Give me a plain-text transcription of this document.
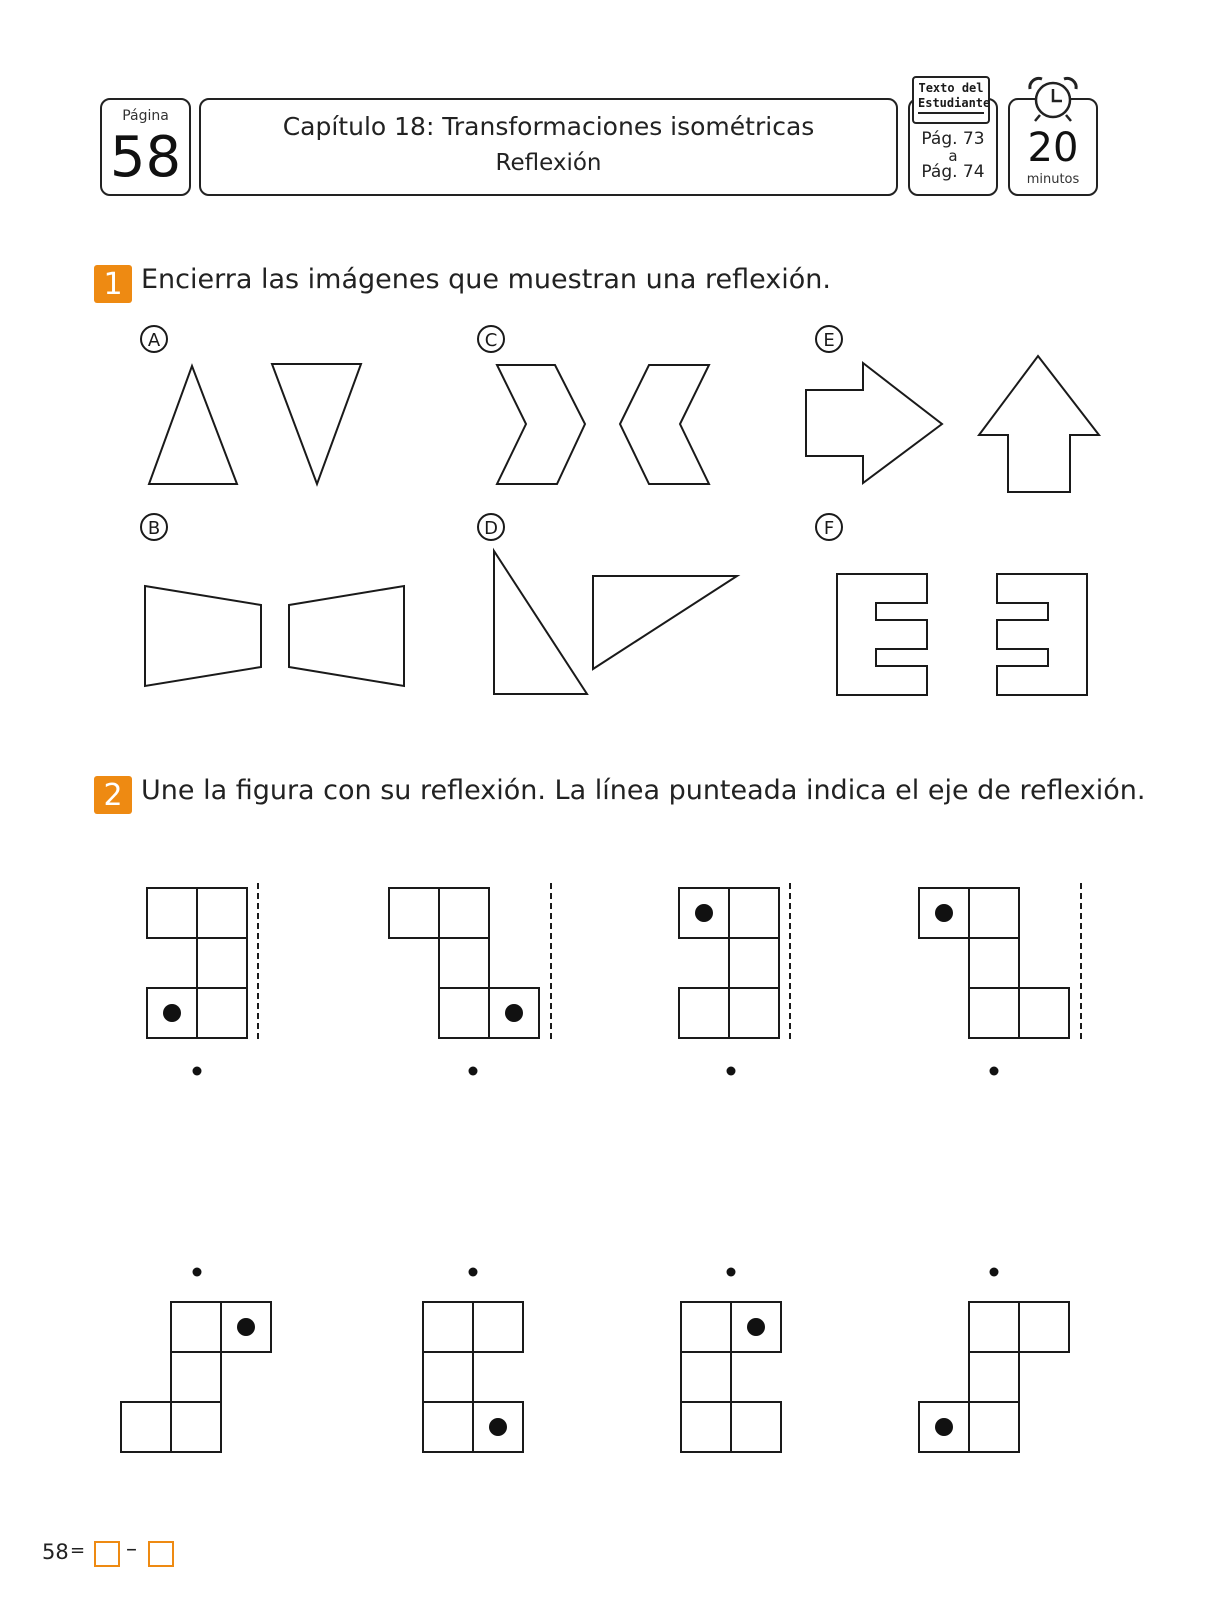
Página
58	Capítulo 18: Transformaciones isométricas
Reflexión
Texto del
Estudiante
Pág. 73
a
Pág. 74
20
minutos
1 Encierra las imágenes que muestran una reflexión.
2 Une la figura con su reflexión. La línea punteada indica el eje de reflexión.
A
B
C
D
E
F
58 = –
